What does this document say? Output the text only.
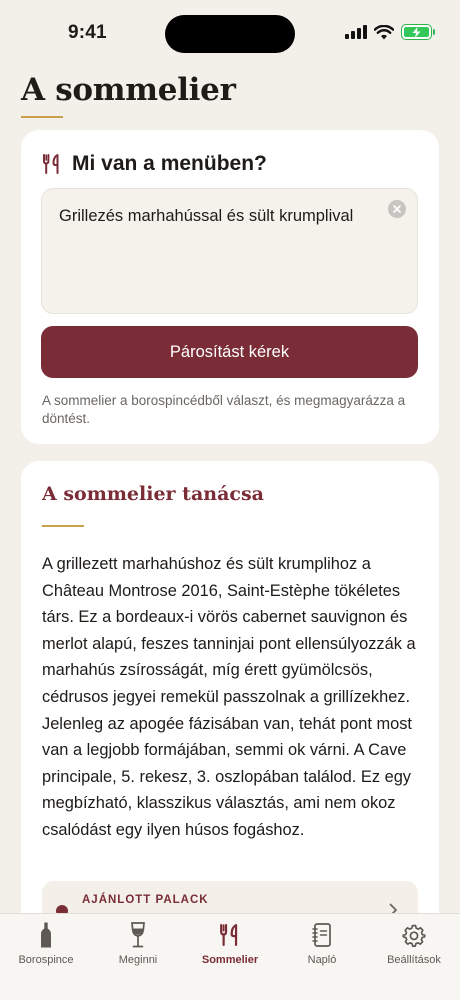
9:41
A sommelier
Mi van a menüben?
Grillezés marhahússal és sült krumplival
Párosítást kérek

A sommelier a borospincédből választ, és megmagyarázza a döntést.

A sommelier tanácsa

A grillezett marhahúshoz és sült krumplihoz a Château Montrose 2016, Saint-Estèphe tökéletes társ. Ez a bordeaux-i vörös cabernet sauvignon és merlot alapú, feszes tanninjai pont ellensúlyozzák a marhahús zsírosságát, míg érett gyümölcsös, cédrusos jegyei remekül passzolnak a grillízekhez. Jelenleg az apogée fázisában van, tehát pont most van a legjobb formájában, semmi ok várni. A Cave principale, 5. rekesz, 3. oszlopában találod. Ez egy megbízható, klasszikus választás, ami nem okoz csalódást egy ilyen húsos fogáshoz.

AJÁNLOTT PALACK
Borospince	Meginni	Sommelier	Napló	Beállítások
